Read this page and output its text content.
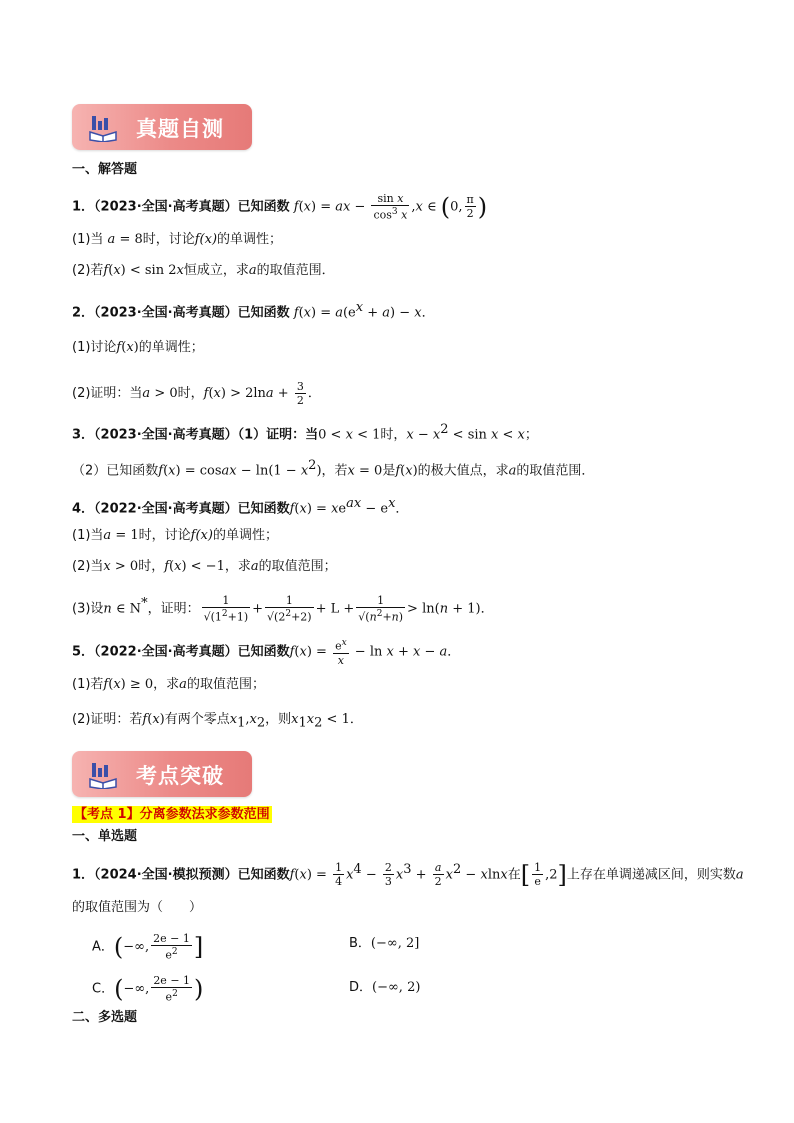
真题自测
一、解答题
1．（2023·全国·高考真题）已知函数 f(x) = ax − $\frac{\text{sin x}}{\cos^3 x} ,x$ ∈ (0, $\frac{\pi}{2}$ )
(1)当 a = 8时，讨论f(x)的单调性；
(2)若f(x) < sin 2x恒成立，求a的取值范围．
2．（2023·全国·高考真题）已知函数 $f(x) = a(e^x + a) - x$．
(1)讨论f(x)的单调性；
(2)证明：当a > 0时，$f(x) > 2\ln a + \frac{3}{2}$ ．
3．（2023·全国·高考真题）（1）证明：当0 < x < 1时，$x - x^2 < \sin x < x$；
（2）已知函数f(x) = cosax − $\ln(1 - x^2)$，若x = 0是f(x)的极大值点，求a的取值范围．
4．（2022·全国·高考真题）已知函数$f(x) = xe^{ax} - e^x$．
(1)当a = 1时，讨论f(x)的单调性；
(2)当x > 0时，f(x) < −1，求a的取值范围；
(3)设n ∈ N*，证明： $\frac{1}{√(1^2+1)} + \frac{1}{√(2^2+2)} + L + \frac{1}{√(n^2+n)} > \ln(n + 1)$．
5．（2022·全国·高考真题）已知函数$f(x) = \frac{e^x}{x} - \ln x + x - a$．
(1)若f(x) ≥ 0，求a的取值范围；
(2)证明：若f(x)有两个零点$x_1,x_2$，则$x_1x_2 < 1$．
考点突破
【考点 1】分离参数法求参数范围
一、单选题
1．（2024·全国·模拟预测）已知函数$f(x) = \frac{1}{4} x^4 - \frac{2}{3} x^3 + \frac{a}{2} x^2 - xlnx$在[ $\frac{1}{e} ,2$]上存在单调递减区间，则实数a
的取值范围为（　　）
A．(−∞, $\frac{2e - 1}{e^2}$ ]	B．(−∞, 2]
C．(−∞, $\frac{2e - 1}{e^2}$ )	D．(−∞, 2)
二、多选题
